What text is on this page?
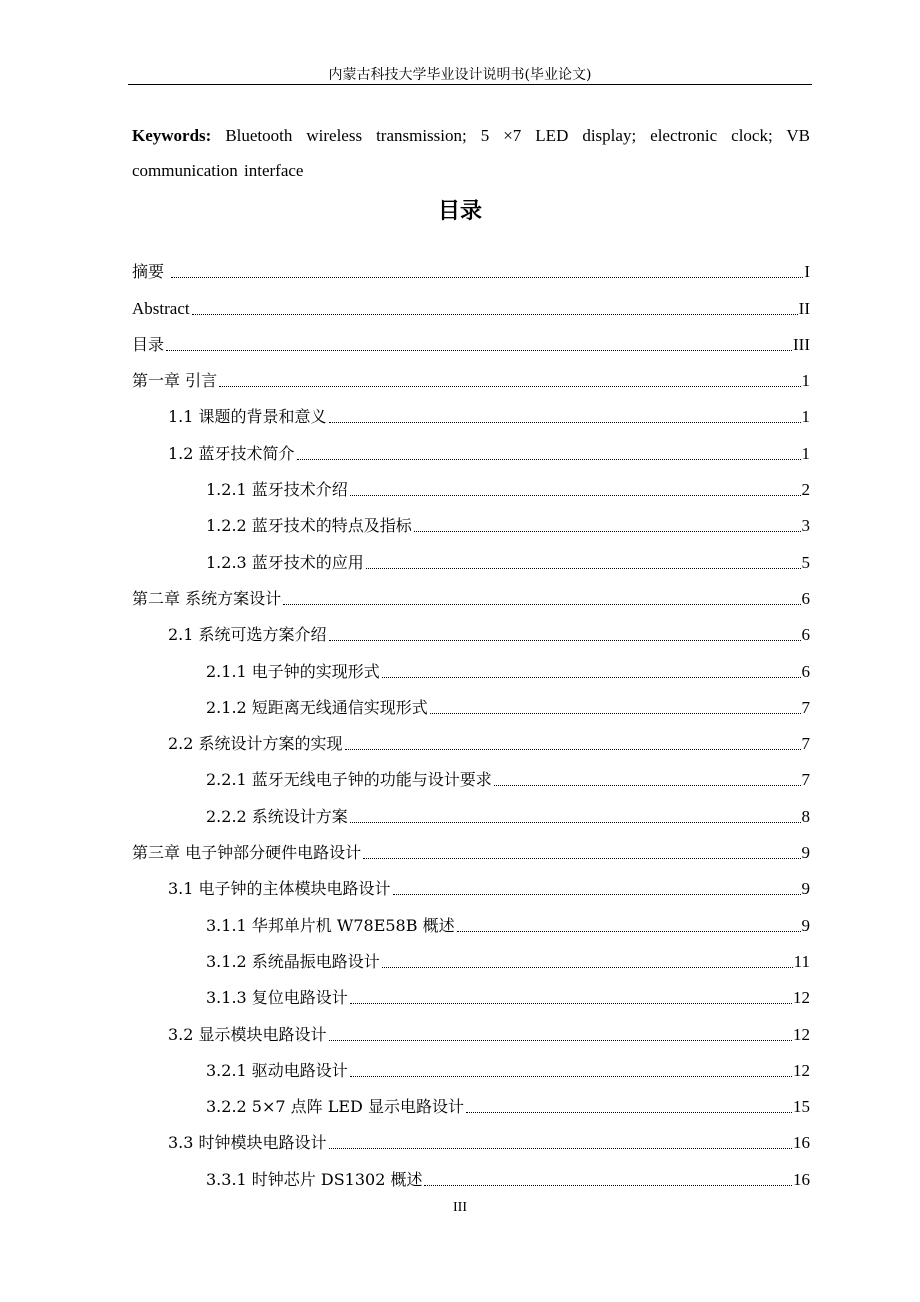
内蒙古科技大学毕业设计说明书(毕业论文)
Keywords: Bluetooth wireless transmission; 5 ×7 LED display; electronic clock; VB communication interface
目录
摘要	I
Abstract	II
目录	III
第一章 引言	1
1.1 课题的背景和意义	1
1.2 蓝牙技术简介	1
1.2.1 蓝牙技术介绍	2
1.2.2 蓝牙技术的特点及指标	3
1.2.3 蓝牙技术的应用	5
第二章 系统方案设计	6
2.1 系统可选方案介绍	6
2.1.1 电子钟的实现形式	6
2.1.2 短距离无线通信实现形式	7
2.2 系统设计方案的实现	7
2.2.1 蓝牙无线电子钟的功能与设计要求	7
2.2.2 系统设计方案	8
第三章 电子钟部分硬件电路设计	9
3.1 电子钟的主体模块电路设计	9
3.1.1 华邦单片机 W78E58B 概述	9
3.1.2 系统晶振电路设计	11
3.1.3 复位电路设计	12
3.2 显示模块电路设计	12
3.2.1 驱动电路设计	12
3.2.2 5×7 点阵 LED 显示电路设计	15
3.3 时钟模块电路设计	16
3.3.1 时钟芯片 DS1302 概述	16
III
